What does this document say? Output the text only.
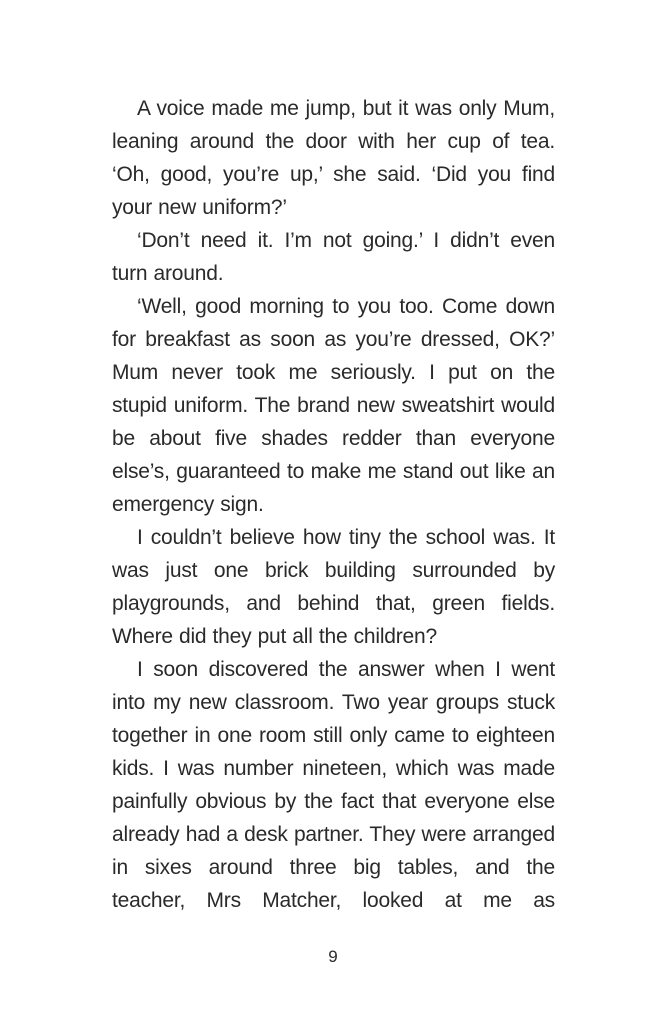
A voice made me jump, but it was only Mum, leaning around the door with her cup of tea. ‘Oh, good, you’re up,’ she said. ‘Did you find your new uniform?’

‘Don’t need it. I’m not going.’ I didn’t even turn around.

‘Well, good morning to you too. Come down for breakfast as soon as you’re dressed, OK?’ Mum never took me seriously. I put on the stupid uniform. The brand new sweatshirt would be about five shades redder than everyone else’s, guaranteed to make me stand out like an emergency sign.

I couldn’t believe how tiny the school was. It was just one brick building surrounded by playgrounds, and behind that, green fields. Where did they put all the children?

I soon discovered the answer when I went into my new classroom. Two year groups stuck together in one room still only came to eighteen kids. I was number nineteen, which was made painfully obvious by the fact that everyone else already had a desk partner. They were arranged in sixes around three big tables, and the teacher, Mrs Matcher, looked at me as

9
